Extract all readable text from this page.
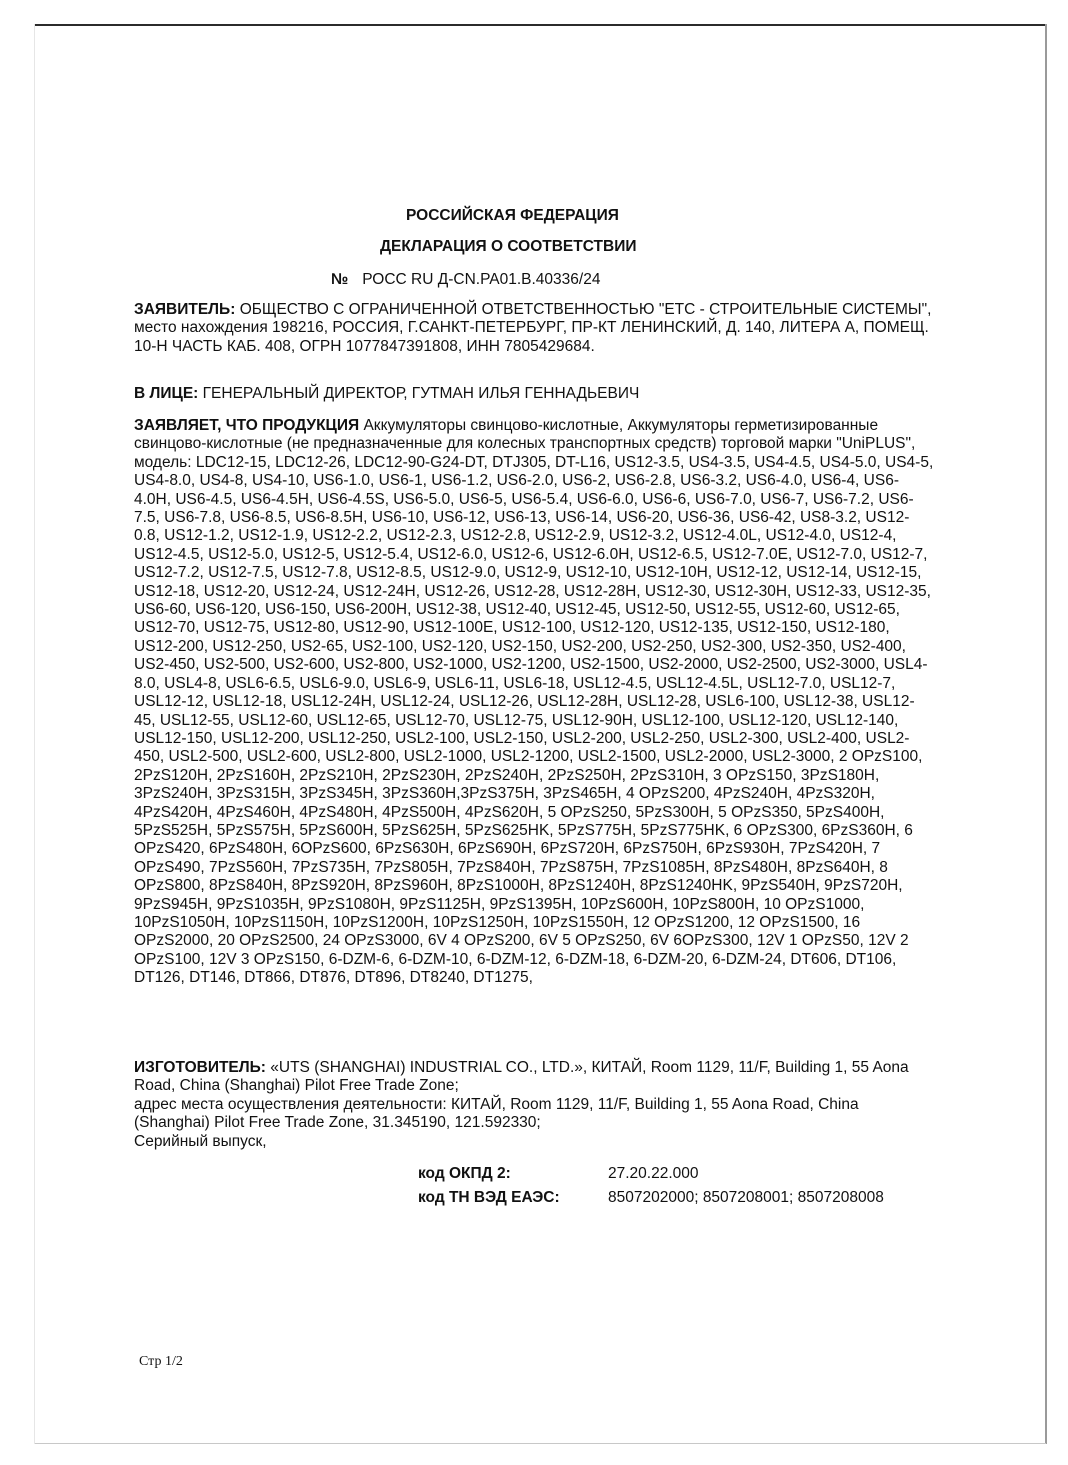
РОССИЙСКАЯ ФЕДЕРАЦИЯ
ДЕКЛАРАЦИЯ О СООТВЕТСТВИИ
№ РОСС RU Д-CN.PA01.B.40336/24
ЗАЯВИТЕЛЬ: ОБЩЕСТВО С ОГРАНИЧЕННОЙ ОТВЕТСТВЕННОСТЬЮ "ЕТС - СТРОИТЕЛЬНЫЕ СИСТЕМЫ", место нахождения 198216, РОССИЯ, Г.САНКТ-ПЕТЕРБУРГ, ПР-КТ ЛЕНИНСКИЙ, Д. 140, ЛИТЕРА А, ПОМЕЩ. 10-Н ЧАСТЬ КАБ. 408, ОГРН 1077847391808, ИНН 7805429684.
В ЛИЦЕ: ГЕНЕРАЛЬНЫЙ ДИРЕКТОР, ГУТМАН ИЛЬЯ ГЕННАДЬЕВИЧ
ЗАЯВЛЯЕТ, ЧТО ПРОДУКЦИЯ Аккумуляторы свинцово-кислотные, Аккумуляторы герметизированные свинцово-кислотные (не предназначенные для колесных транспортных средств) торговой марки "UniPLUS", модель: LDC12-15, LDC12-26, LDC12-90-G24-DT, DTJ305, DT-L16, US12-3.5, US4-3.5, US4-4.5, US4-5.0, US4-5, US4-8.0, US4-8, US4-10, US6-1.0, US6-1, US6-1.2, US6-2.0, US6-2, US6-2.8, US6-3.2, US6-4.0, US6-4, US6-4.0H, US6-4.5, US6-4.5H, US6-4.5S, US6-5.0, US6-5, US6-5.4, US6-6.0, US6-6, US6-7.0, US6-7, US6-7.2, US6-7.5, US6-7.8, US6-8.5, US6-8.5H, US6-10, US6-12, US6-13, US6-14, US6-20, US6-36, US6-42, US8-3.2, US12-0.8, US12-1.2, US12-1.9, US12-2.2, US12-2.3, US12-2.8, US12-2.9, US12-3.2, US12-4.0L, US12-4.0, US12-4, US12-4.5, US12-5.0, US12-5, US12-5.4, US12-6.0, US12-6, US12-6.0H, US12-6.5, US12-7.0E, US12-7.0, US12-7, US12-7.2, US12-7.5, US12-7.8, US12-8.5, US12-9.0, US12-9, US12-10, US12-10H, US12-12, US12-14, US12-15, US12-18, US12-20, US12-24, US12-24H, US12-26, US12-28, US12-28H, US12-30, US12-30H, US12-33, US12-35, US6-60, US6-120, US6-150, US6-200H, US12-38, US12-40, US12-45, US12-50, US12-55, US12-60, US12-65, US12-70, US12-75, US12-80, US12-90, US12-100E, US12-100, US12-120, US12-135, US12-150, US12-180, US12-200, US12-250, US2-65, US2-100, US2-120, US2-150, US2-200, US2-250, US2-300, US2-350, US2-400, US2-450, US2-500, US2-600, US2-800, US2-1000, US2-1200, US2-1500, US2-2000, US2-2500, US2-3000, USL4-8.0, USL4-8, USL6-6.5, USL6-9.0, USL6-9, USL6-11, USL6-18, USL12-4.5, USL12-4.5L, USL12-7.0, USL12-7, USL12-12, USL12-18, USL12-24H, USL12-24, USL12-26, USL12-28H, USL12-28, USL6-100, USL12-38, USL12-45, USL12-55, USL12-60, USL12-65, USL12-70, USL12-75, USL12-90H, USL12-100, USL12-120, USL12-140, USL12-150, USL12-200, USL12-250, USL2-100, USL2-150, USL2-200, USL2-250, USL2-300, USL2-400, USL2-450, USL2-500, USL2-600, USL2-800, USL2-1000, USL2-1200, USL2-1500, USL2-2000, USL2-3000, 2 OPzS100, 2PzS120H, 2PzS160H, 2PzS210H, 2PzS230H, 2PzS240H, 2PzS250H, 2PzS310H, 3 OPzS150, 3PzS180H, 3PzS240H, 3PzS315H, 3PzS345H, 3PzS360H,3PzS375H, 3PzS465H, 4 OPzS200, 4PzS240H, 4PzS320H, 4PzS420H, 4PzS460H, 4PzS480H, 4PzS500H, 4PzS620H, 5 OPzS250, 5PzS300H, 5 OPzS350, 5PzS400H, 5PzS525H, 5PzS575H, 5PzS600H, 5PzS625H, 5PzS625HK, 5PzS775H, 5PzS775HK, 6 OPzS300, 6PzS360H, 6 OPzS420, 6PzS480H, 6OPzS600, 6PzS630H, 6PzS690H, 6PzS720H, 6PzS750H, 6PzS930H, 7PzS420H, 7 OPzS490, 7PzS560H, 7PzS735H, 7PzS805H, 7PzS840H, 7PzS875H, 7PzS1085H, 8PzS480H, 8PzS640H, 8 OPzS800, 8PzS840H, 8PzS920H, 8PzS960H, 8PzS1000H, 8PzS1240H, 8PzS1240HK, 9PzS540H, 9PzS720H, 9PzS945H, 9PzS1035H, 9PzS1080H, 9PzS1125H, 9PzS1395H, 10PzS600H, 10PzS800H, 10 OPzS1000, 10PzS1050H, 10PzS1150H, 10PzS1200H, 10PzS1250H, 10PzS1550H, 12 OPzS1200, 12 OPzS1500, 16 OPzS2000, 20 OPzS2500, 24 OPzS3000, 6V 4 OPzS200, 6V 5 OPzS250, 6V 6OPzS300, 12V 1 OPzS50, 12V 2 OPzS100, 12V 3 OPzS150, 6-DZM-6, 6-DZM-10, 6-DZM-12, 6-DZM-18, 6-DZM-20, 6-DZM-24, DT606, DT106, DT126, DT146, DT866, DT876, DT896, DT8240, DT1275,
ИЗГОТОВИТЕЛЬ: «UTS (SHANGHAI) INDUSTRIAL CO., LTD.», КИТАЙ, Room 1129, 11/F, Building 1, 55 Aona Road, China (Shanghai) Pilot Free Trade Zone;
адрес места осуществления деятельности: КИТАЙ, Room 1129, 11/F, Building 1, 55 Aona Road, China (Shanghai) Pilot Free Trade Zone, 31.345190, 121.592330;
Серийный выпуск,
код ОКПД 2:	27.20.22.000
код ТН ВЭД ЕАЭС:	8507202000; 8507208001; 8507208008
Стр 1/2
